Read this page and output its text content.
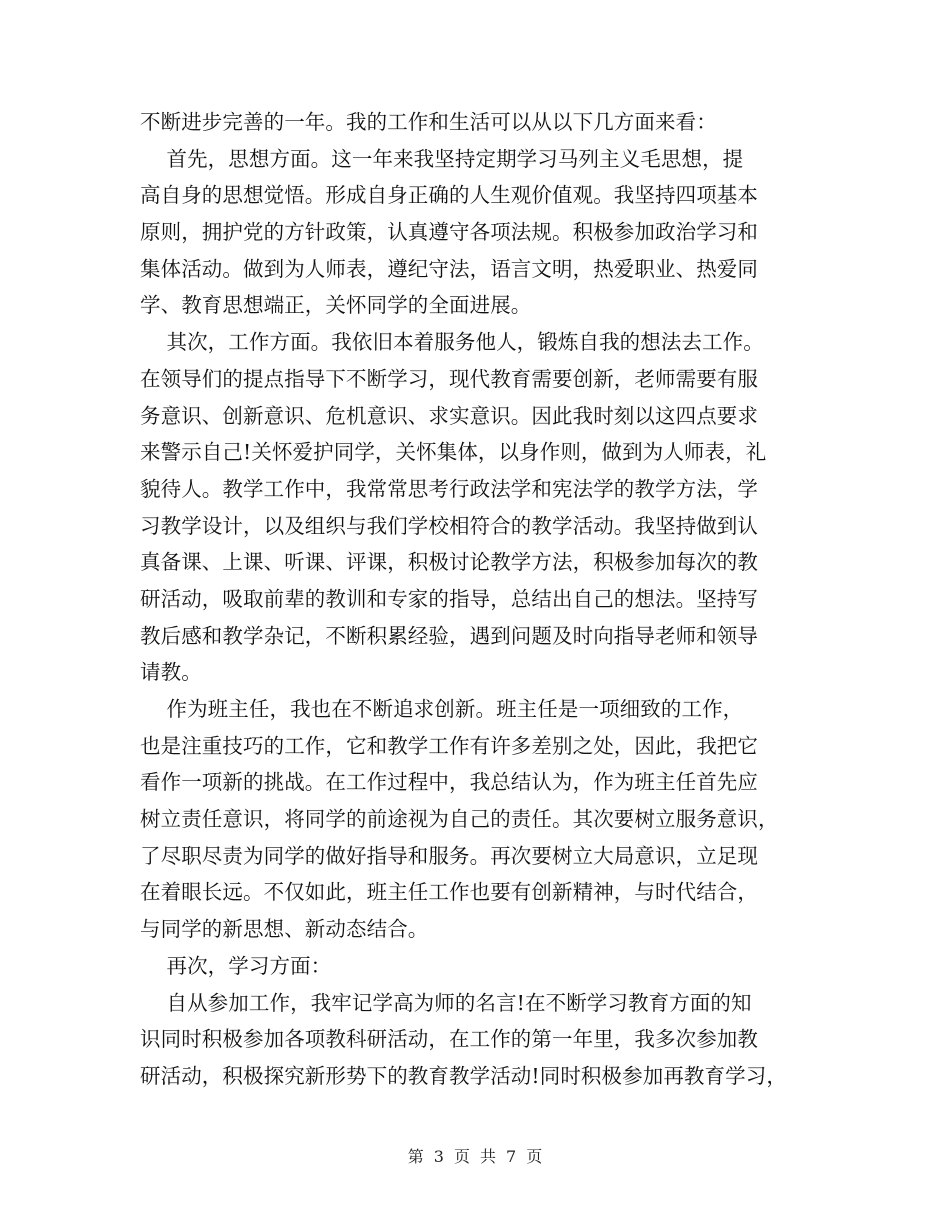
不断进步完善的一年。我的工作和生活可以从以下几方面来看：
首先，思想方面。这一年来我坚持定期学习马列主义毛思想，提
高自身的思想觉悟。形成自身正确的人生观价值观。我坚持四项基本
原则，拥护党的方针政策，认真遵守各项法规。积极参加政治学习和
集体活动。做到为人师表，遵纪守法，语言文明，热爱职业、热爱同
学、教育思想端正，关怀同学的全面进展。
其次，工作方面。我依旧本着服务他人，锻炼自我的想法去工作。
在领导们的提点指导下不断学习，现代教育需要创新，老师需要有服
务意识、创新意识、危机意识、求实意识。因此我时刻以这四点要求
来警示自己!关怀爱护同学，关怀集体，以身作则，做到为人师表，礼
貌待人。教学工作中，我常常思考行政法学和宪法学的教学方法，学
习教学设计，以及组织与我们学校相符合的教学活动。我坚持做到认
真备课、上课、听课、评课，积极讨论教学方法，积极参加每次的教
研活动，吸取前辈的教训和专家的指导，总结出自己的想法。坚持写
教后感和教学杂记，不断积累经验，遇到问题及时向指导老师和领导
请教。
作为班主任，我也在不断追求创新。班主任是一项细致的工作，
也是注重技巧的工作，它和教学工作有许多差别之处，因此，我把它
看作一项新的挑战。在工作过程中，我总结认为，作为班主任首先应
树立责任意识，将同学的前途视为自己的责任。其次要树立服务意识，
了尽职尽责为同学的做好指导和服务。再次要树立大局意识，立足现
在着眼长远。不仅如此，班主任工作也要有创新精神，与时代结合，
与同学的新思想、新动态结合。
再次，学习方面：
自从参加工作，我牢记学高为师的名言!在不断学习教育方面的知
识同时积极参加各项教科研活动，在工作的第一年里，我多次参加教
研活动，积极探究新形势下的教育教学活动!同时积极参加再教育学习，
第 3 页 共 7 页
